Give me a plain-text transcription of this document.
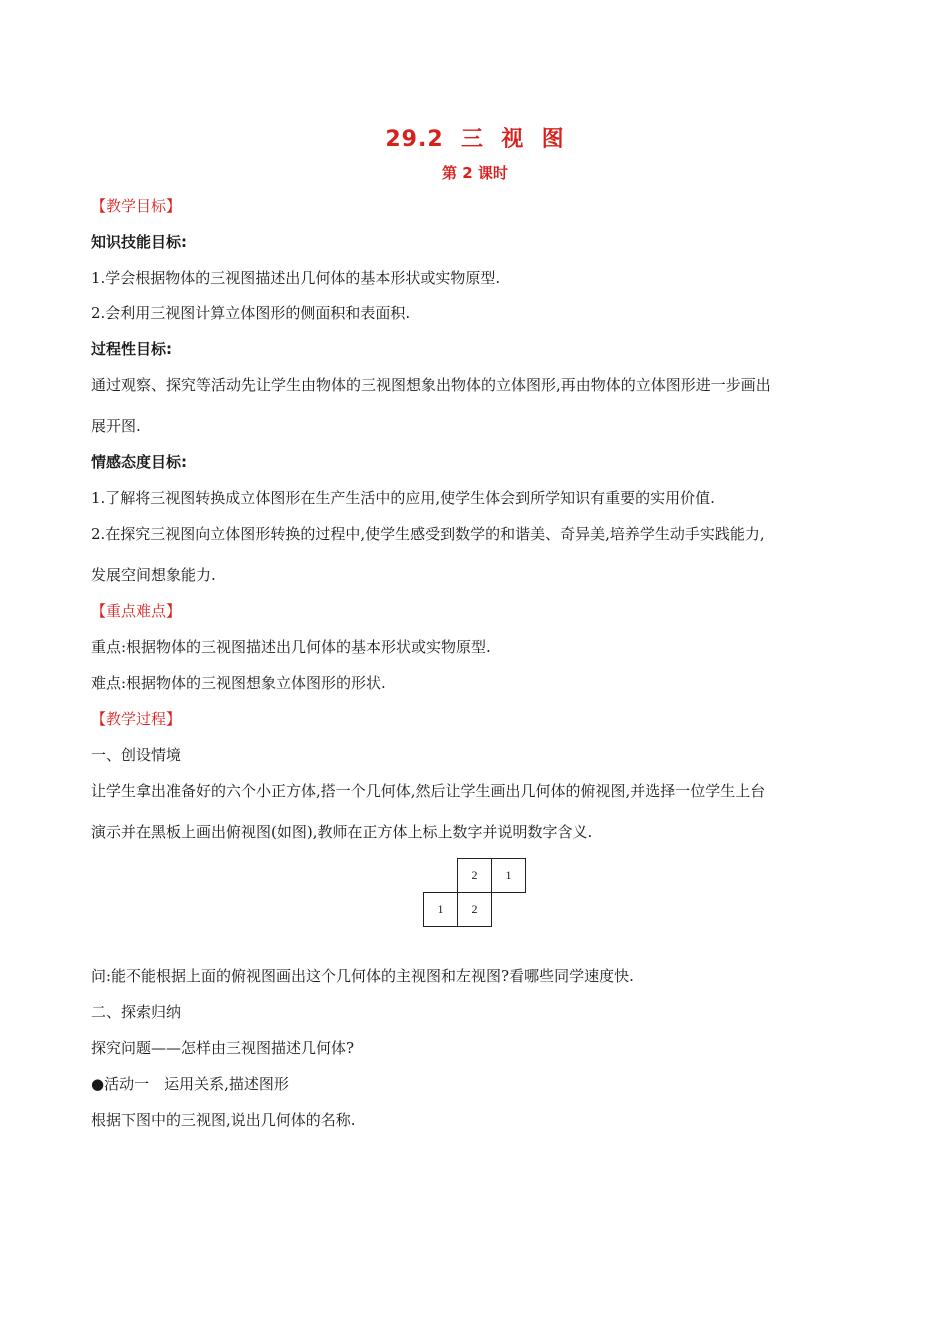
29.2  三  视  图
第 2 课时
【教学目标】
知识技能目标:
1.学会根据物体的三视图描述出几何体的基本形状或实物原型.
2.会利用三视图计算立体图形的侧面积和表面积.
过程性目标:
通过观察、探究等活动先让学生由物体的三视图想象出物体的立体图形,再由物体的立体图形进一步画出
展开图.
情感态度目标:
1.了解将三视图转换成立体图形在生产生活中的应用,使学生体会到所学知识有重要的实用价值.
2.在探究三视图向立体图形转换的过程中,使学生感受到数学的和谐美、奇异美,培养学生动手实践能力,
发展空间想象能力.
【重点难点】
重点:根据物体的三视图描述出几何体的基本形状或实物原型.
难点:根据物体的三视图想象立体图形的形状.
【教学过程】
一、创设情境
让学生拿出准备好的六个小正方体,搭一个几何体,然后让学生画出几何体的俯视图,并选择一位学生上台
演示并在黑板上画出俯视图(如图),教师在正方体上标上数字并说明数字含义.
2	1
1	2
问:能不能根据上面的俯视图画出这个几何体的主视图和左视图?看哪些同学速度快.
二、探索归纳
探究问题——怎样由三视图描述几何体?
●活动一　运用关系,描述图形
根据下图中的三视图,说出几何体的名称.
